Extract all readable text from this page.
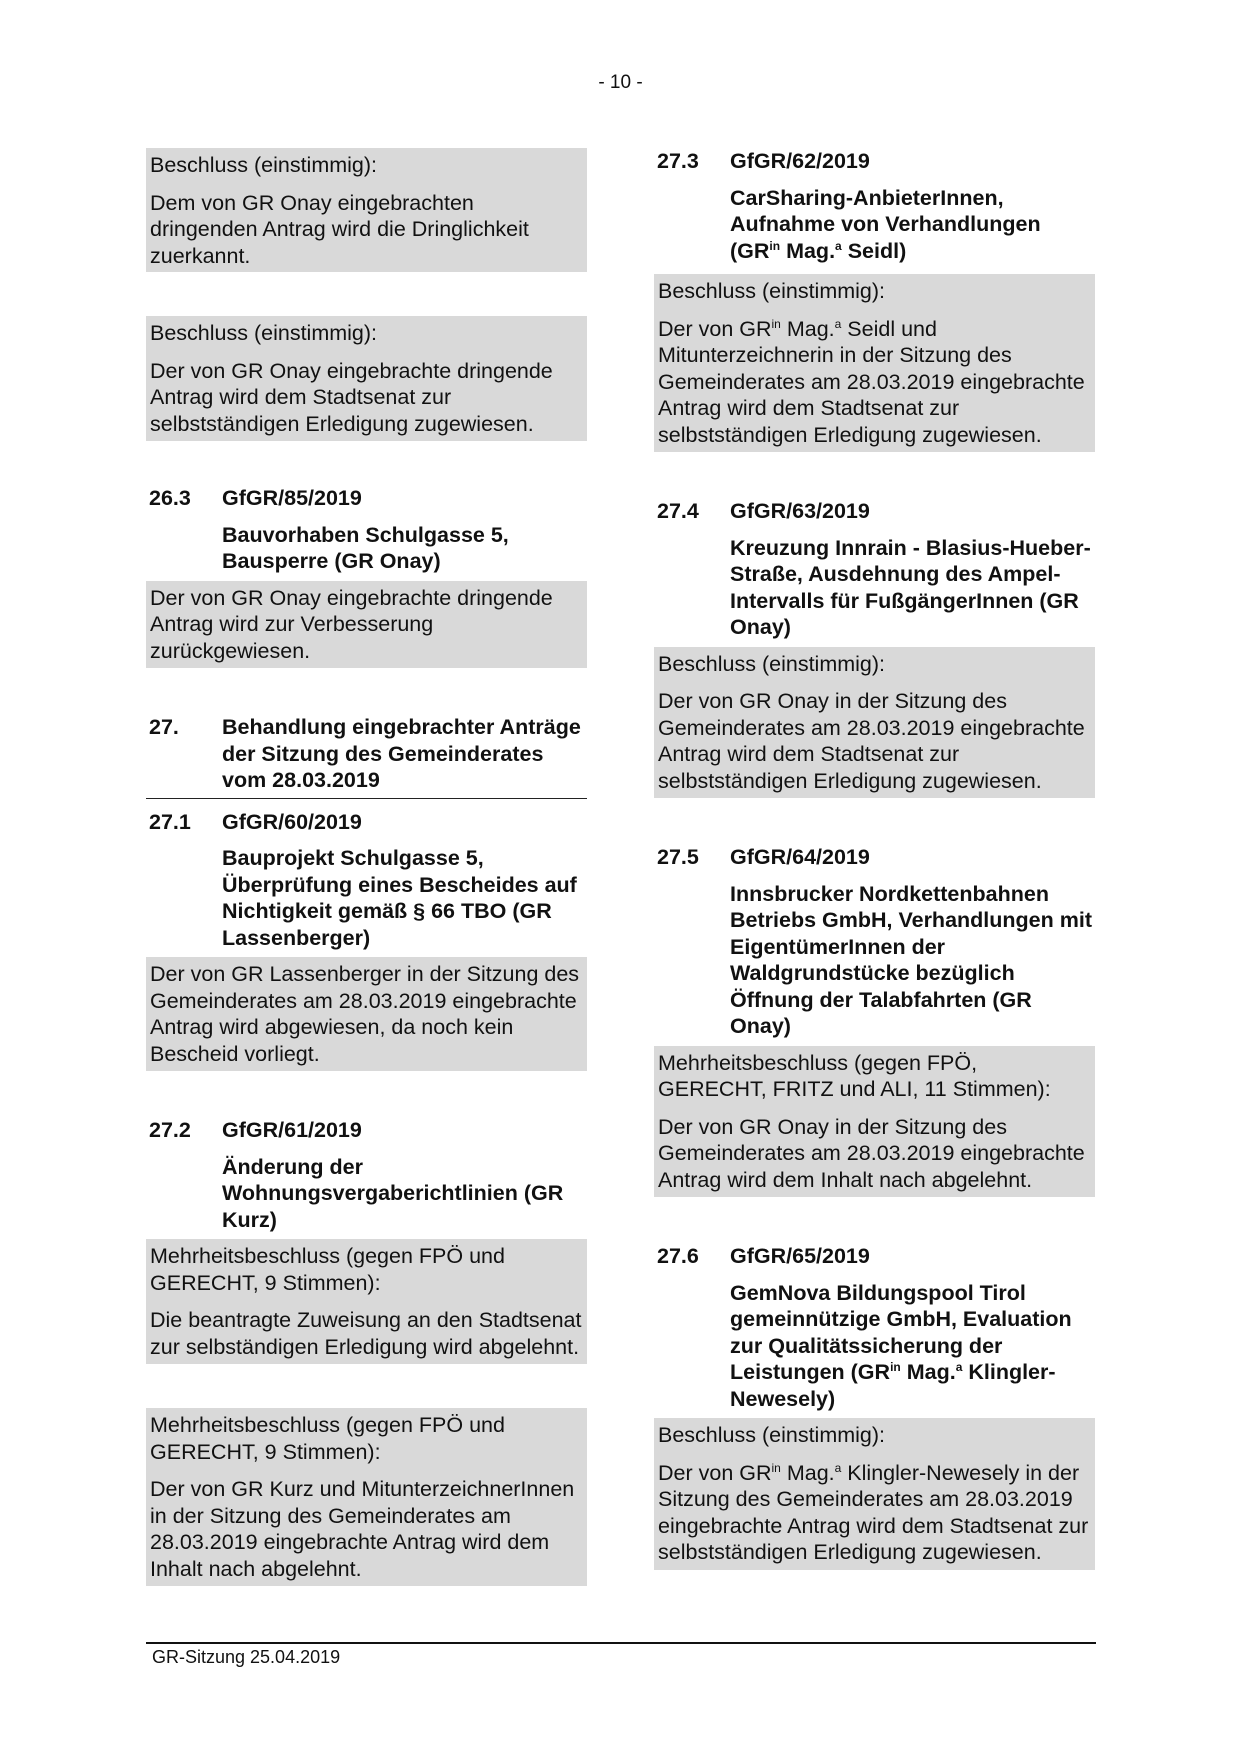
- 10 -
Beschluss (einstimmig):

Dem von GR Onay eingebrachten dringenden Antrag wird die Dringlichkeit zuerkannt.

Beschluss (einstimmig):

Der von GR Onay eingebrachte dringende Antrag wird dem Stadtsenat zur selbstständigen Erledigung zugewiesen.

26.3 GfGR/85/2019
Bauvorhaben Schulgasse 5, Bausperre (GR Onay)

Der von GR Onay eingebrachte dringende Antrag wird zur Verbesserung zurückgewiesen.

27. Behandlung eingebrachter Anträge der Sitzung des Gemeinderates vom 28.03.2019
27.1 GfGR/60/2019
Bauprojekt Schulgasse 5, Überprüfung eines Bescheides auf Nichtigkeit gemäß § 66 TBO (GR Lassenberger)

Der von GR Lassenberger in der Sitzung des Gemeinderates am 28.03.2019 eingebrachte Antrag wird abgewiesen, da noch kein Bescheid vorliegt.

27.2 GfGR/61/2019
Änderung der Wohnungsvergaberichtlinien (GR Kurz)
Mehrheitsbeschluss (gegen FPÖ und GERECHT, 9 Stimmen):

Die beantragte Zuweisung an den Stadtsenat zur selbständigen Erledigung wird abgelehnt.

Mehrheitsbeschluss (gegen FPÖ und GERECHT, 9 Stimmen):

Der von GR Kurz und MitunterzeichnerInnen in der Sitzung des Gemeinderates am 28.03.2019 eingebrachte Antrag wird dem Inhalt nach abgelehnt.

27.3 GfGR/62/2019
CarSharing-AnbieterInnen, Aufnahme von Verhandlungen ($GR^{in}$ Mag.$^a$ Seidl)
Beschluss (einstimmig):

Der von $GR^{in}$ Mag.$^a$ Seidl und Mitunterzeichnerin in der Sitzung des Gemeinderates am 28.03.2019 eingebrachte Antrag wird dem Stadtsenat zur selbstständigen Erledigung zugewiesen.

27.4 GfGR/63/2019
Kreuzung Innrain - Blasius-Hueber-Straße, Ausdehnung des Ampel-Intervalls für FußgängerInnen (GR Onay)
Beschluss (einstimmig):

Der von GR Onay in der Sitzung des Gemeinderates am 28.03.2019 eingebrachte Antrag wird dem Stadtsenat zur selbstständigen Erledigung zugewiesen.

27.5 GfGR/64/2019
Innsbrucker Nordkettenbahnen Betriebs GmbH, Verhandlungen mit EigentümerInnen der Waldgrundstücke bezüglich Öffnung der Talabfahrten (GR Onay)
Mehrheitsbeschluss (gegen FPÖ, GERECHT, FRITZ und ALI, 11 Stimmen):

Der von GR Onay in der Sitzung des Gemeinderates am 28.03.2019 eingebrachte Antrag wird dem Inhalt nach abgelehnt.

27.6 GfGR/65/2019
GemNova Bildungspool Tirol gemeinnützige GmbH, Evaluation zur Qualitätssicherung der Leistungen ($GR^{in}$ Mag.$^a$ Klingler-Newesely)
Beschluss (einstimmig):

Der von $GR^{in}$ Mag.$^a$ Klingler-Newesely in der Sitzung des Gemeinderates am 28.03.2019 eingebrachte Antrag wird dem Stadtsenat zur selbstständigen Erledigung zugewiesen.

GR-Sitzung 25.04.2019
